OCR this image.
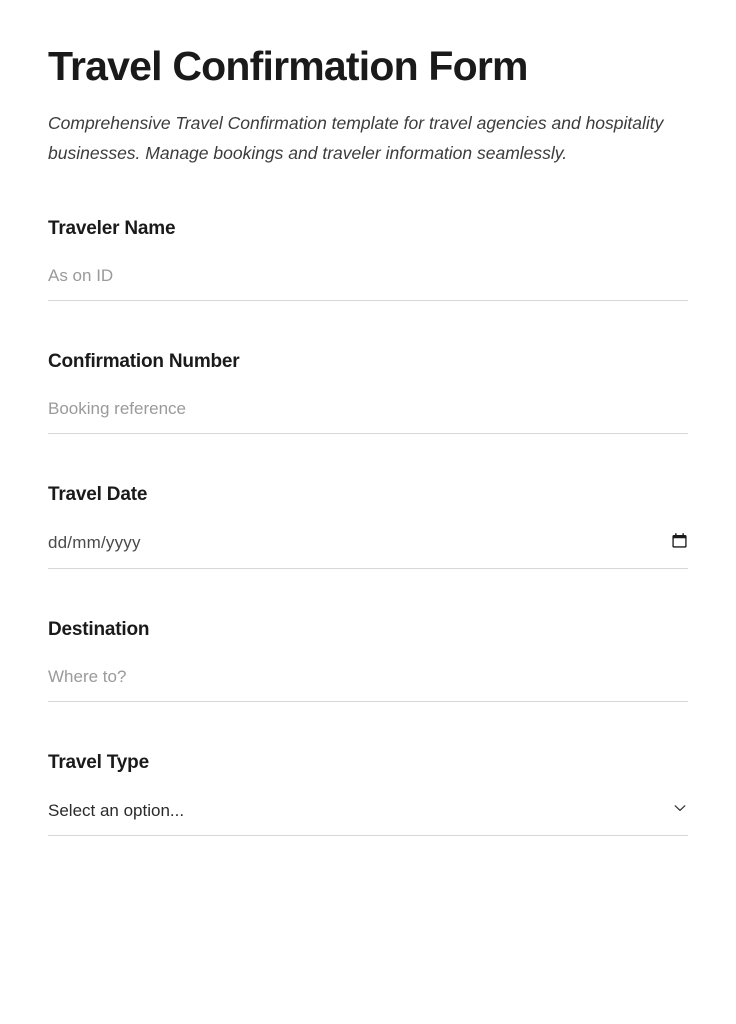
Travel Confirmation Form

Comprehensive Travel Confirmation template for travel agencies and hospitality businesses. Manage bookings and traveler information seamlessly.

Traveler Name
As on ID
Confirmation Number
Booking reference
Travel Date
dd/mm/yyyy
Destination
Where to?
Travel Type
Select an option...
